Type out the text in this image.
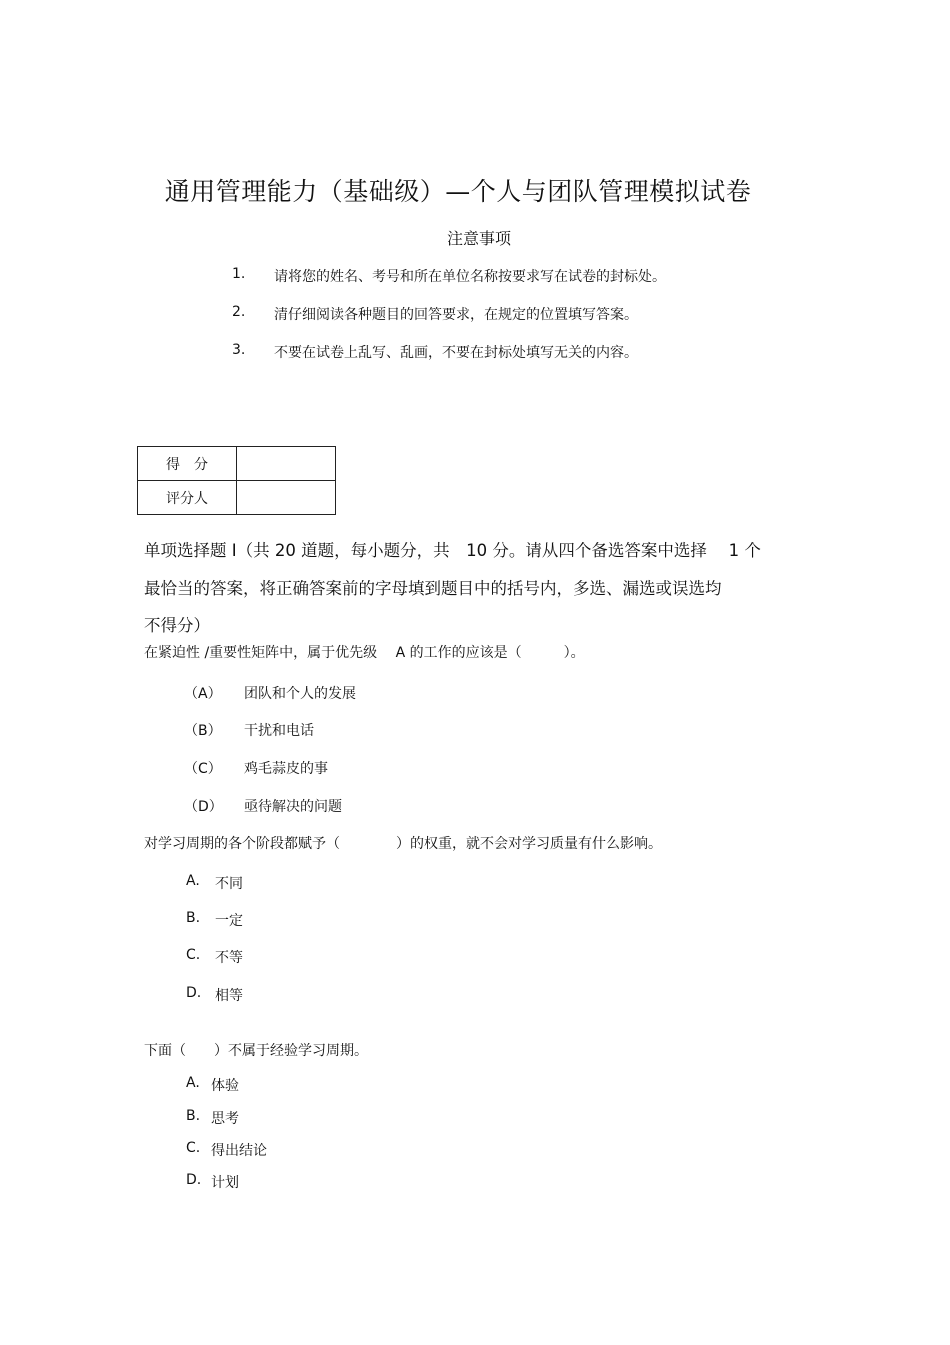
通用管理能力（基础级）—个人与团队管理模拟试卷
注意事项
1. 请将您的姓名、考号和所在单位名称按要求写在试卷的封标处。
2. 清仔细阅读各种题目的回答要求，在规定的位置填写答案。
3. 不要在试卷上乱写、乱画，不要在封标处填写无关的内容。
得　分	
评分人	
单项选择题 Ⅰ（共 20 道题，每小题分，共　10 分。请从四个备选答案中选择　 1 个
最恰当的答案，将正确答案前的字母填到题目中的括号内，多选、漏选或误选均
不得分）
在紧迫性 /重要性矩阵中，属于优先级　 A 的工作的应该是（　　　）。
（A） 团队和个人的发展
（B） 干扰和电话
（C） 鸡毛蒜皮的事
（D） 亟待解决的问题
对学习周期的各个阶段都赋予（　　　　）的权重，就不会对学习质量有什么影响。
A. 不同
B. 一定
C. 不等
D. 相等
下面（　　）不属于经验学习周期。
A. 体验
B. 思考
C. 得出结论
D. 计划
